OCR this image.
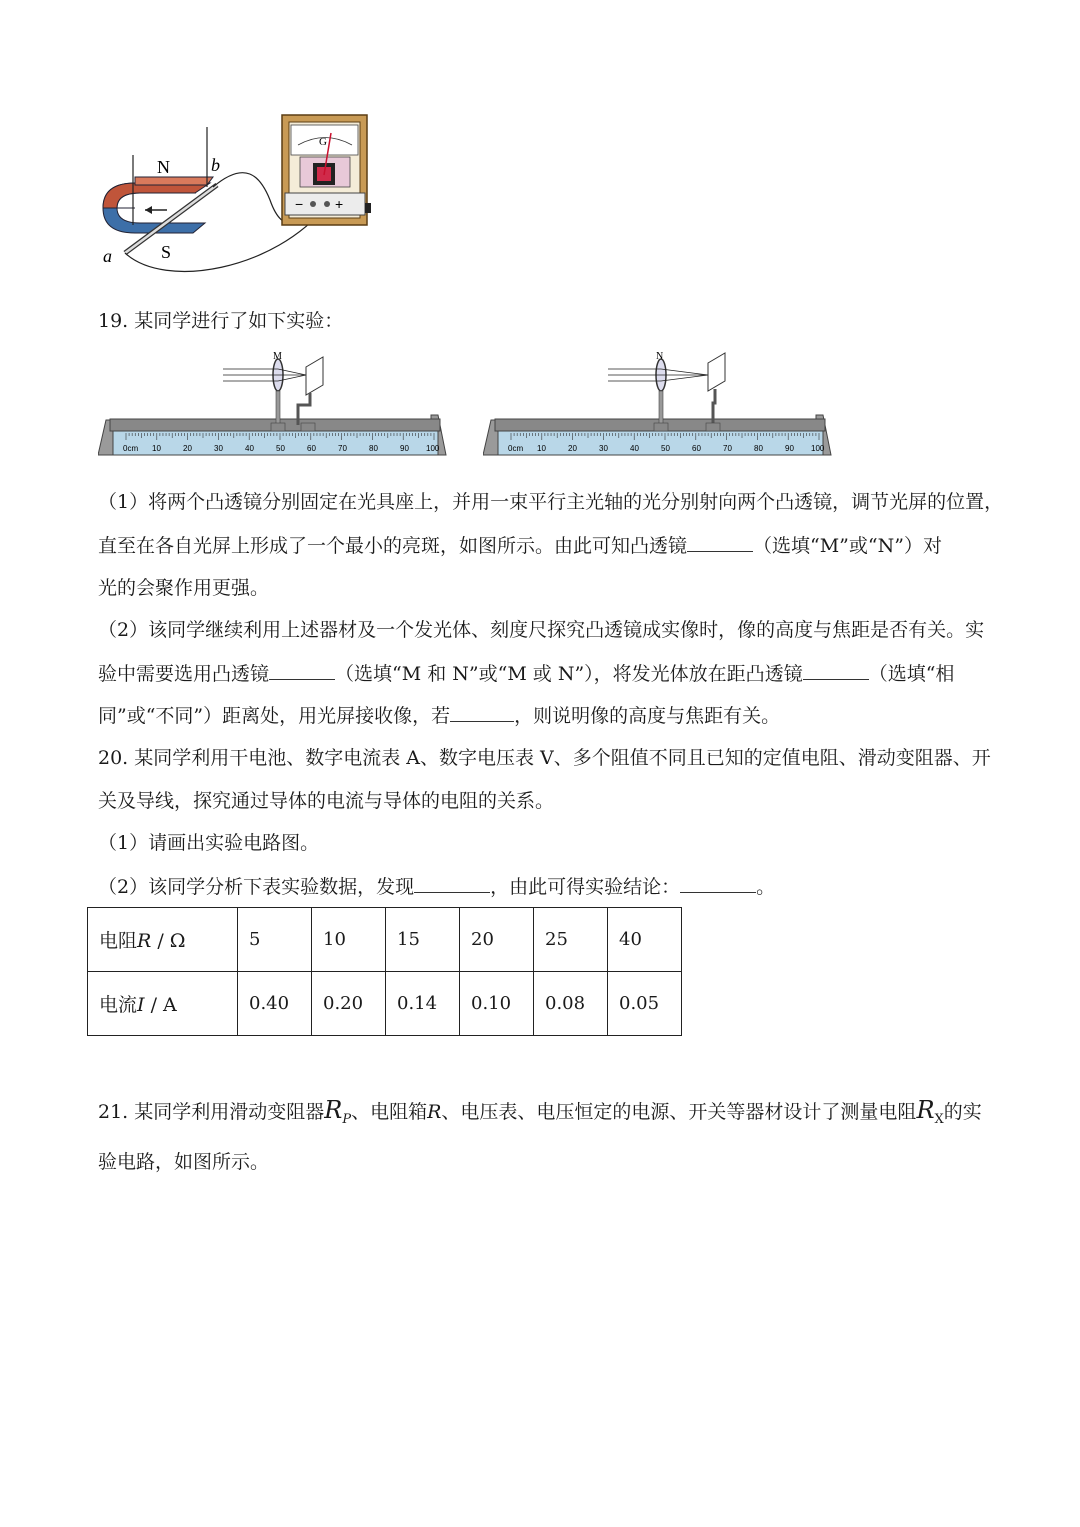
N b
S
a
G
− +
19. 某同学进行了如下实验：
0cm 10	20	30	40	50	60	70	80	90 100
M
0cm 10	20	30	40	50	60	70	80	90 100
N
（1）将两个凸透镜分别固定在光具座上，并用一束平行主光轴的光分别射向两个凸透镜，调节光屏的位置，
直至在各自光屏上形成了一个最小的亮斑，如图所示。由此可知凸透镜	（选填“M”或“N”）对
光的会聚作用更强。
（2）该同学继续利用上述器材及一个发光体、刻度尺探究凸透镜成实像时，像的高度与焦距是否有关。实
验中需要选用凸透镜	（选填“M 和 N”或“M 或 N”），将发光体放在距凸透镜	（选填“相
同”或“不同”）距离处，用光屏接收像，若	，则说明像的高度与焦距有关。
20. 某同学利用干电池、数字电流表 A、数字电压表 V、多个阻值不同且已知的定值电阻、滑动变阻器、开
关及导线，探究通过导体的电流与导体的电阻的关系。
（1）请画出实验电路图。
（2）该同学分析下表实验数据，发现	，由此可得实验结论：	。
电阻R / Ω	5	10	15	20	25	40
电流I / A	0.40	0.20	0.14	0.10	0.08	0.05
21. 某同学利用滑动变阻器$R_P$、电阻箱R、电压表、电压恒定的电源、开关等器材设计了测量电阻$R_X$的实
验电路，如图所示。
